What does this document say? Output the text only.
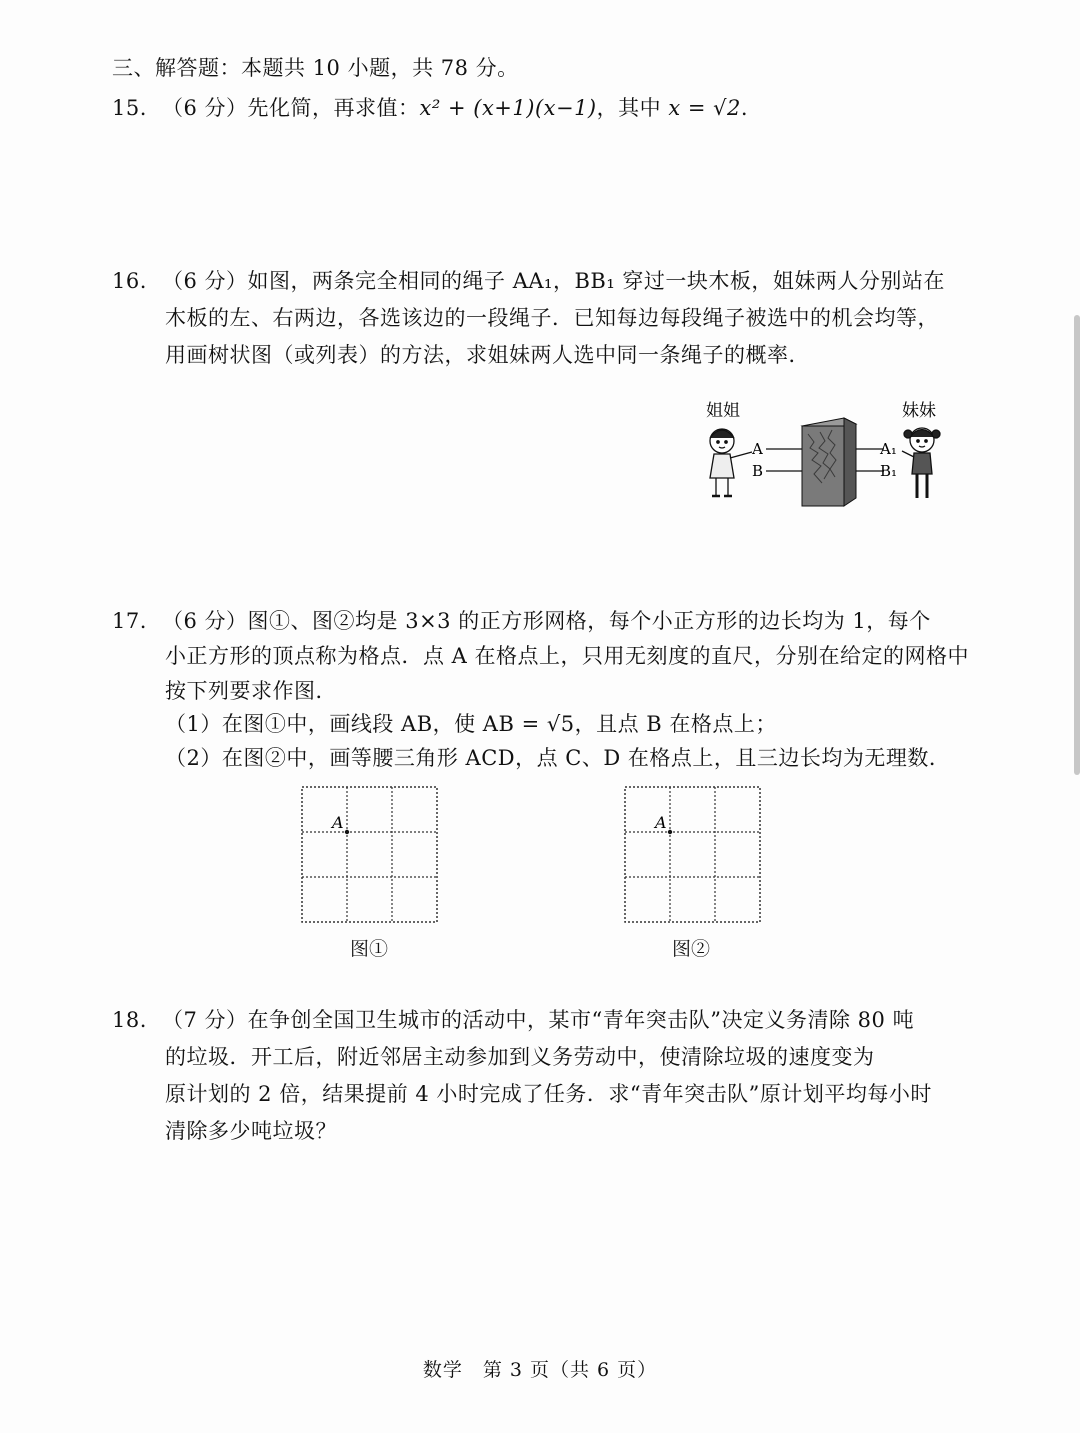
三、解答题：本题共 10 小题，共 78 分。
15. （6 分）先化简，再求值：x² + (x+1)(x−1)，其中 x = √2.
16. （6 分）如图，两条完全相同的绳子 AA₁，BB₁ 穿过一块木板，姐妹两人分别站在
木板的左、右两边，各选该边的一段绳子．已知每边每段绳子被选中的机会均等，
用画树状图（或列表）的方法，求姐妹两人选中同一条绳子的概率．
姐姐	妹妹
A
B
A₁
B₁
17. （6 分）图①、图②均是 3×3 的正方形网格，每个小正方形的边长均为 1，每个
小正方形的顶点称为格点．点 A 在格点上，只用无刻度的直尺，分别在给定的网格中
按下列要求作图．
（1）在图①中，画线段 AB，使 AB = √5，且点 B 在格点上；
（2）在图②中，画等腰三角形 ACD，点 C、D 在格点上，且三边长均为无理数．
A
图①
A
图②
18. （7 分）在争创全国卫生城市的活动中，某市“青年突击队”决定义务清除 80 吨
的垃圾．开工后，附近邻居主动参加到义务劳动中，使清除垃圾的速度变为
原计划的 2 倍，结果提前 4 小时完成了任务．求“青年突击队”原计划平均每小时
清除多少吨垃圾？
数学　第 3 页（共 6 页）
